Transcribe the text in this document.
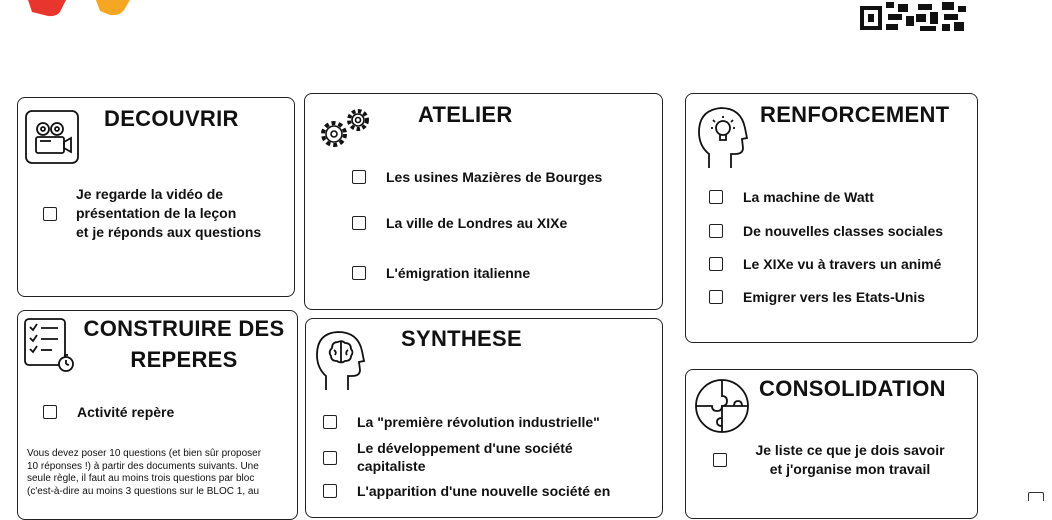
DECOUVRIR
Je regarde la vidéo de
présentation de la leçon
et je réponds aux questions
ATELIER
Les usines Mazières de Bourges
La ville de Londres au XIXe
L'émigration italienne
RENFORCEMENT
La machine de Watt
De nouvelles classes sociales
Le XIXe vu à travers un animé
Emigrer vers les Etats-Unis
CONSTRUIRE DES
REPERES
Activité repère
Vous devez poser 10 questions (et bien sûr proposer
10 réponses !) à partir des documents suivants. Une
seule règle, il faut au moins trois questions par bloc
(c'est-à-dire au moins 3 questions sur le BLOC 1, au
SYNTHESE
La "première révolution industrielle"
Le développement d'une société
capitaliste
L'apparition d'une nouvelle société en
CONSOLIDATION
Je liste ce que je dois savoir
et j'organise mon travail
